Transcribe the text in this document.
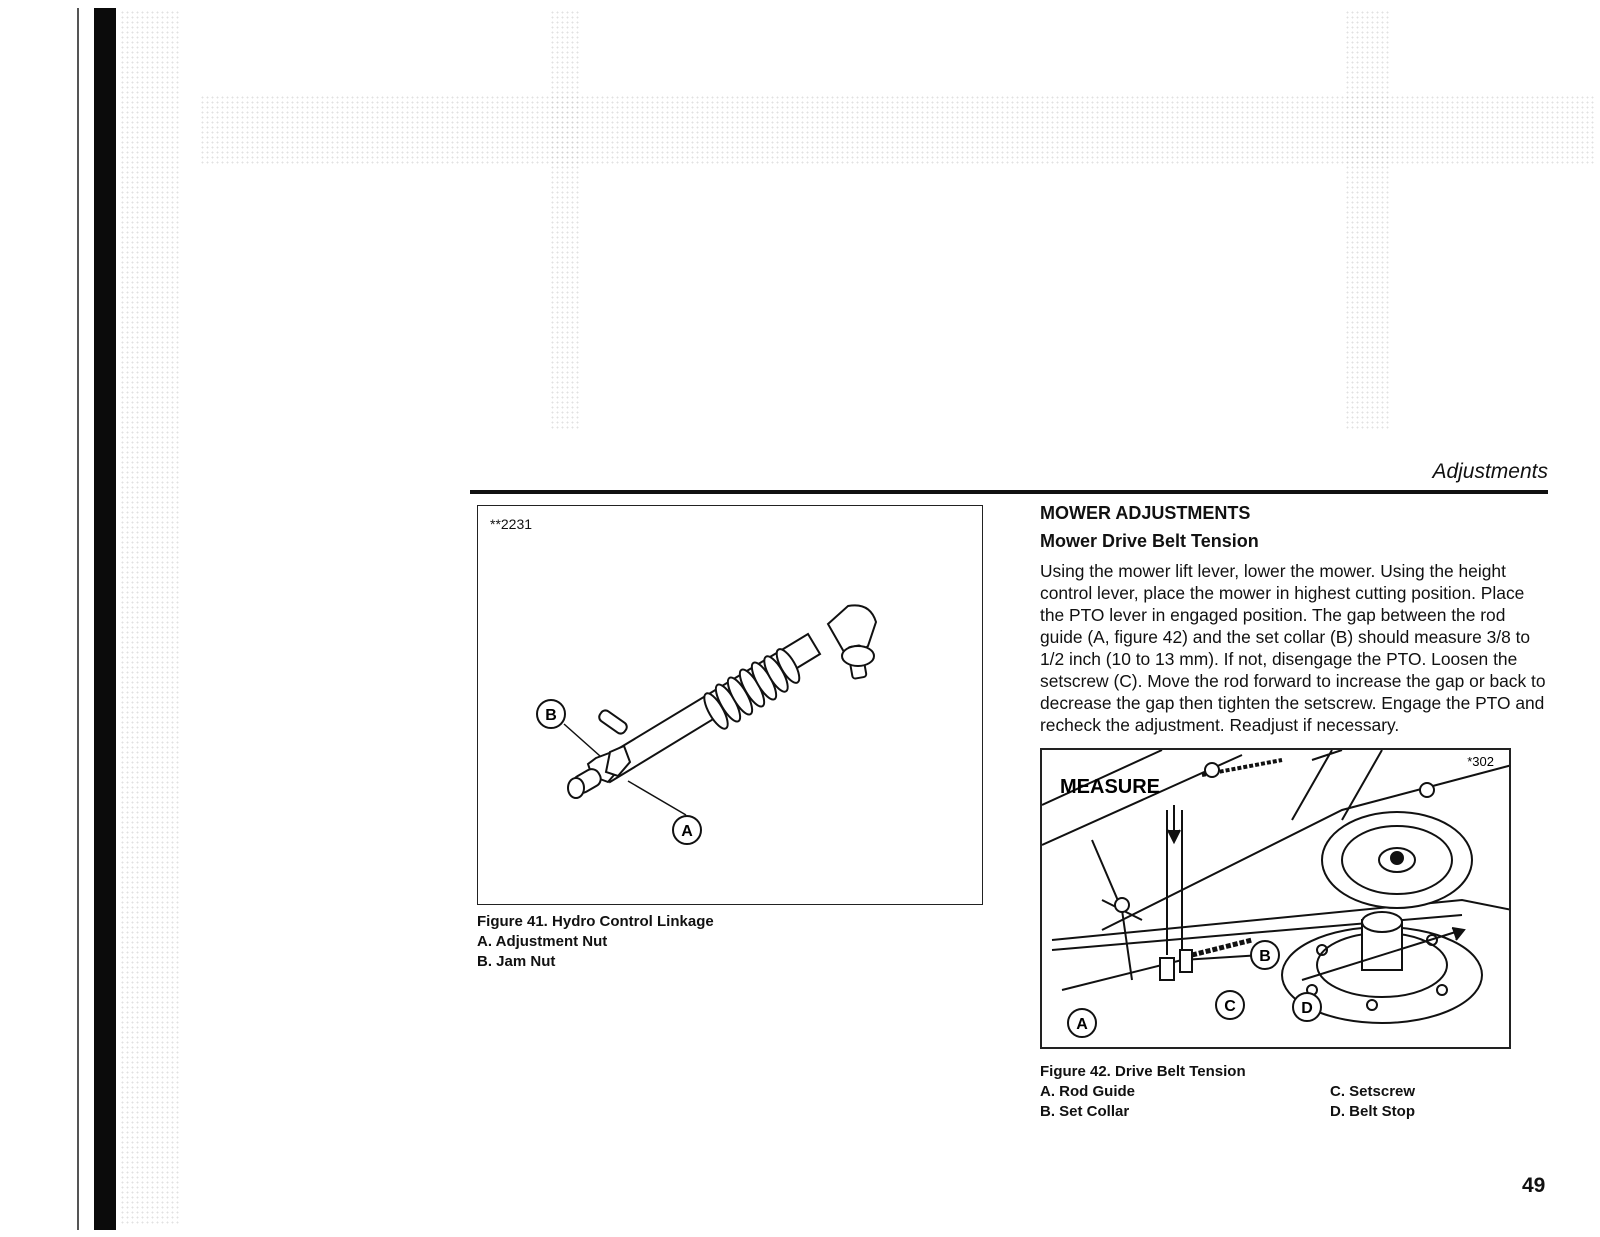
Adjustments
**2231
B
A
Figure 41. Hydro Control Linkage
A. Adjustment Nut
B. Jam Nut
MOWER ADJUSTMENTS
Mower Drive Belt Tension
Using the mower lift lever, lower the mower. Using the height control lever, place the mower in highest cutting position. Place the PTO lever in engaged position. The gap between the rod guide (A, figure 42) and the set collar (B) should measure 3/8 to 1/2 inch (10 to 13 mm). If not, disengage the PTO. Loosen the setscrew (C). Move the rod forward to increase the gap or back to decrease the gap then tighten the setscrew. Engage the PTO and recheck the adjustment. Readjust if necessary.
MEASURE
*302
A
B
C	D
Figure 42. Drive Belt Tension
A. Rod Guide
B. Set Collar
C. Setscrew
D. Belt Stop
49
